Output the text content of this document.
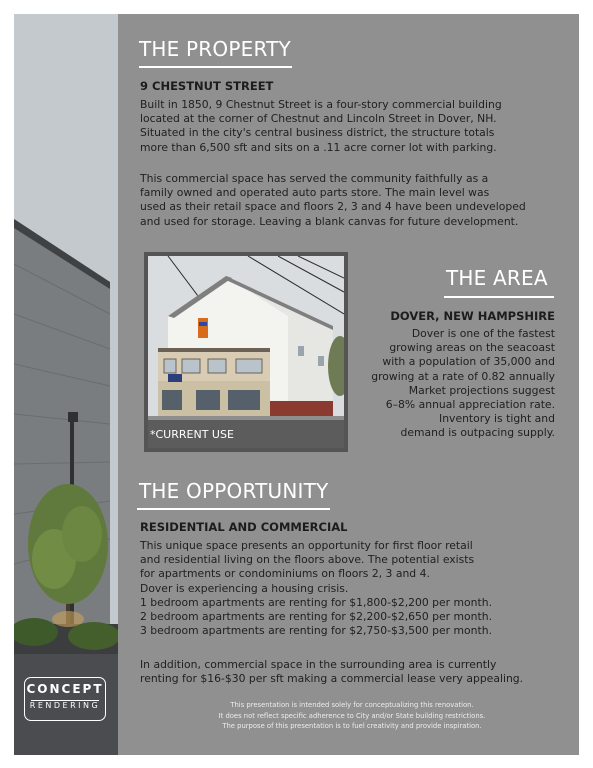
THE PROPERTY
9 CHESTNUT STREET

Built in 1850, 9 Chestnut Street is a four-story commercial building
located at the corner of Chestnut and Lincoln Street in Dover, NH.
Situated in the city's central business district, the structure totals
more than 6,500 sft and sits on a .11 acre corner lot with parking.

This commercial space has served the community faithfully as a
family owned and operated auto parts store. The main level was
used as their retail space and floors 2, 3 and 4 have been undeveloped
and used for storage. Leaving a blank canvas for future development.

*CURRENT USE
THE AREA
DOVER, NEW HAMPSHIRE

Dover is one of the fastest
growing areas on the seacoast
with a population of 35,000 and
growing at a rate of 0.82 annually
Market projections suggest
6–8% annual appreciation rate.
Inventory is tight and
demand is outpacing supply.

THE OPPORTUNITY
RESIDENTIAL AND COMMERCIAL

This unique space presents an opportunity for first floor retail
and residential living on the floors above. The potential exists
for apartments or condominiums on floors 2, 3 and 4.
Dover is experiencing a housing crisis.
1 bedroom apartments are renting for $1,800-$2,200 per month.
2 bedroom apartments are renting for $2,200-$2,650 per month.
3 bedroom apartments are renting for $2,750-$3,500 per month.

In addition, commercial space in the surrounding area is currently
renting for $16-$30 per sft making a commercial lease very appealing.

CONCEPT
RENDERING	This presentation is intended solely for conceptualizing this renovation.
It does not reflect specific adherence to City and/or State building restrictions.
The purpose of this presentation is to fuel creativity and provide inspiration.
